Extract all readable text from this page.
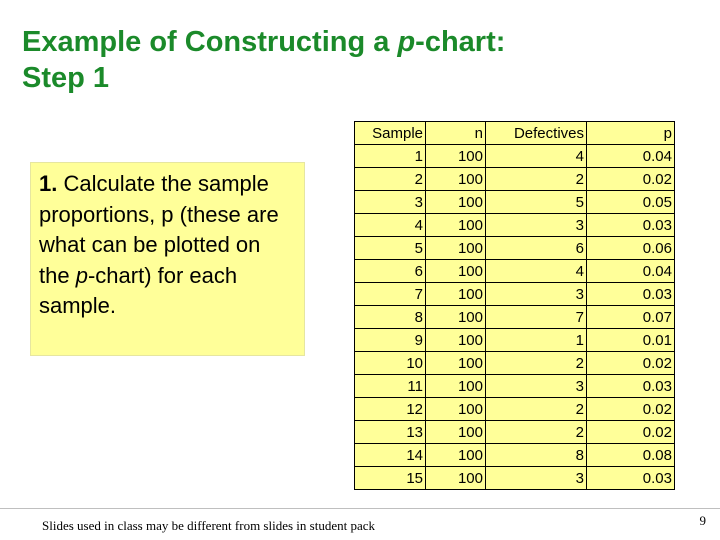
Example of Constructing a p-chart:
Step 1
1. Calculate the sample proportions, p (these are what can be plotted on the p-chart) for each sample.
Sample	n	Defectives	p
1	100	4	0.04
2	100	2	0.02
3	100	5	0.05
4	100	3	0.03
5	100	6	0.06
6	100	4	0.04
7	100	3	0.03
8	100	7	0.07
9	100	1	0.01
10	100	2	0.02
11	100	3	0.03
12	100	2	0.02
13	100	2	0.02
14	100	8	0.08
15	100	3	0.03
Slides used in class may be different from slides in student pack	9
